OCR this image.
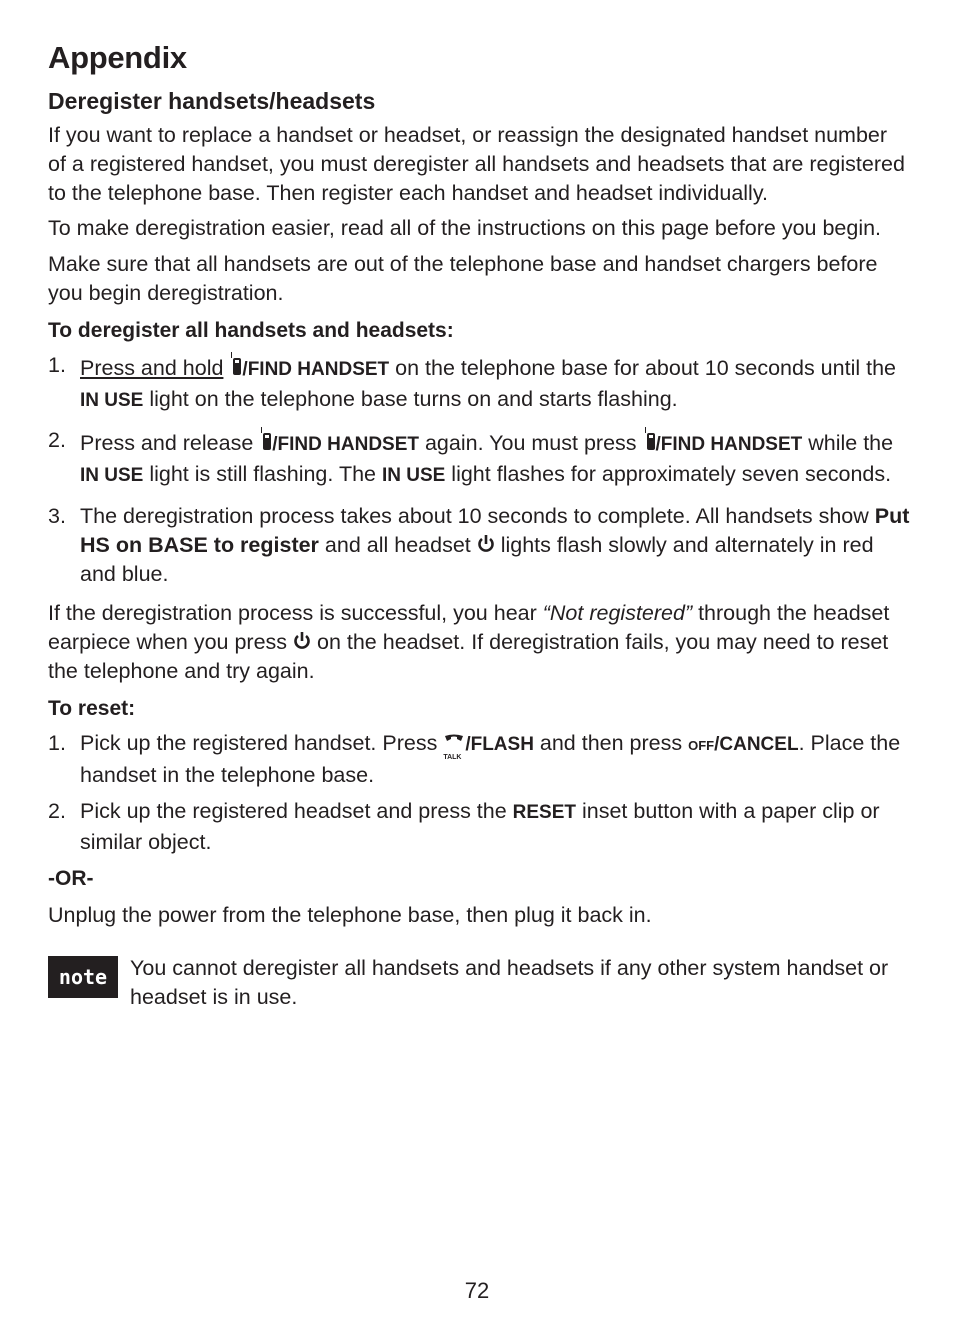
Appendix
Deregister handsets/headsets

If you want to replace a handset or headset, or reassign the designated handset number of a registered handset, you must deregister all handsets and headsets that are registered to the telephone base. Then register each handset and headset individually.

To make deregistration easier, read all of the instructions on this page before you begin.

Make sure that all handsets are out of the telephone base and handset chargers before you begin deregistration.

To deregister all handsets and headsets:
1. Press and hold /FIND HANDSET on the telephone base for about 10 seconds until the IN USE light on the telephone base turns on and starts flashing.
2. Press and release /FIND HANDSET again. You must press /FIND HANDSET while the IN USE light is still flashing. The IN USE light flashes for approximately seven seconds.
3. The deregistration process takes about 10 seconds to complete. All handsets show Put HS on BASE to register and all headset  lights flash slowly and alternately in red and blue.

If the deregistration process is successful, you hear “Not registered” through the headset earpiece when you press  on the headset. If deregistration fails, you may need to reset the telephone and try again.

To reset:
1. Pick up the registered handset. Press
TALK
/FLASH and then press OFF/CANCEL. Place the handset in the telephone base.
2. Pick up the registered headset and press the RESET inset button with a paper clip or similar object.
-OR-

Unplug the power from the telephone base, then plug it back in.

note	You cannot deregister all handsets and headsets if any other system handset or headset is in use.

72
